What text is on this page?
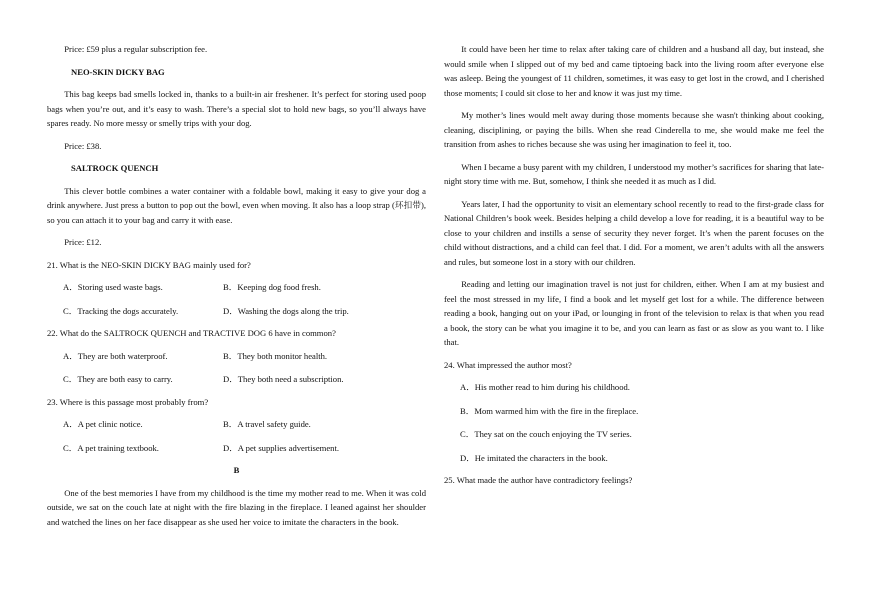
Price: £59 plus a regular subscription fee.

NEO-SKIN DICKY BAG

This bag keeps bad smells locked in, thanks to a built-in air freshener. It’s perfect for storing used poop bags when you’re out, and it’s easy to wash. There’s a special slot to hold new bags, so you’ll always have spares ready. No more messy or smelly trips with your dog.

Price: £38.

SALTROCK QUENCH

This clever bottle combines a water container with a foldable bowl, making it easy to give your dog a drink anywhere. Just press a button to pop out the bowl, even when moving. It also has a loop strap (环扣带), so you can attach it to your bag and carry it with ease.

Price: £12.

21. What is the NEO-SKIN DICKY BAG mainly used for?
A．Storing used waste bags.	B．Keeping dog food fresh.
C．Tracking the dogs accurately.	D．Washing the dogs along the trip.
22. What do the SALTROCK QUENCH and TRACTIVE DOG 6 have in common?
A．They are both waterproof.	B．They both monitor health.
C．They are both easy to carry.	D．They both need a subscription.
23. Where is this passage most probably from?
A．A pet clinic notice.	B．A travel safety guide.
C．A pet training textbook.	D．A pet supplies advertisement.
B

One of the best memories I have from my childhood is the time my mother read to me. When it was cold outside, we sat on the couch late at night with the fire blazing in the fireplace. I leaned against her shoulder and watched the lines on her face disappear as she used her voice to imitate the characters in the book.

It could have been her time to relax after taking care of children and a husband all day, but instead, she would smile when I slipped out of my bed and came tiptoeing back into the living room after everyone else was asleep. Being the youngest of 11 children, sometimes, it was easy to get lost in the crowd, and I cherished those moments; I could sit close to her and know it was just my time.

My mother’s lines would melt away during those moments because she wasn't thinking about cooking, cleaning, disciplining, or paying the bills. When she read Cinderella to me, she would make me feel the transition from ashes to riches because she was using her imagination to feel it, too.

When I became a busy parent with my children, I understood my mother’s sacrifices for sharing that late-night story time with me. But, somehow, I think she needed it as much as I did.

Years later, I had the opportunity to visit an elementary school recently to read to the first-grade class for National Children’s book week. Besides helping a child develop a love for reading, it is a beautiful way to be close to your children and instills a sense of security they never forget. It’s when the parent focuses on the child without distractions, and a child can feel that. I did. For a moment, we aren’t adults with all the answers and rules, but someone lost in a story with our children.

Reading and letting our imagination travel is not just for children, either. When I am at my busiest and feel the most stressed in my life, I find a book and let myself get lost for a while. The difference between reading a book, hanging out on your iPad, or lounging in front of the television to relax is that when you read a book, the story can be what you imagine it to be, and you can learn as fast or as slow as you want to. I like that.

24. What impressed the author most?
A．His mother read to him during his childhood.
B．Mom warmed him with the fire in the fireplace.
C．They sat on the couch enjoying the TV series.
D．He imitated the characters in the book.
25. What made the author have contradictory feelings?
